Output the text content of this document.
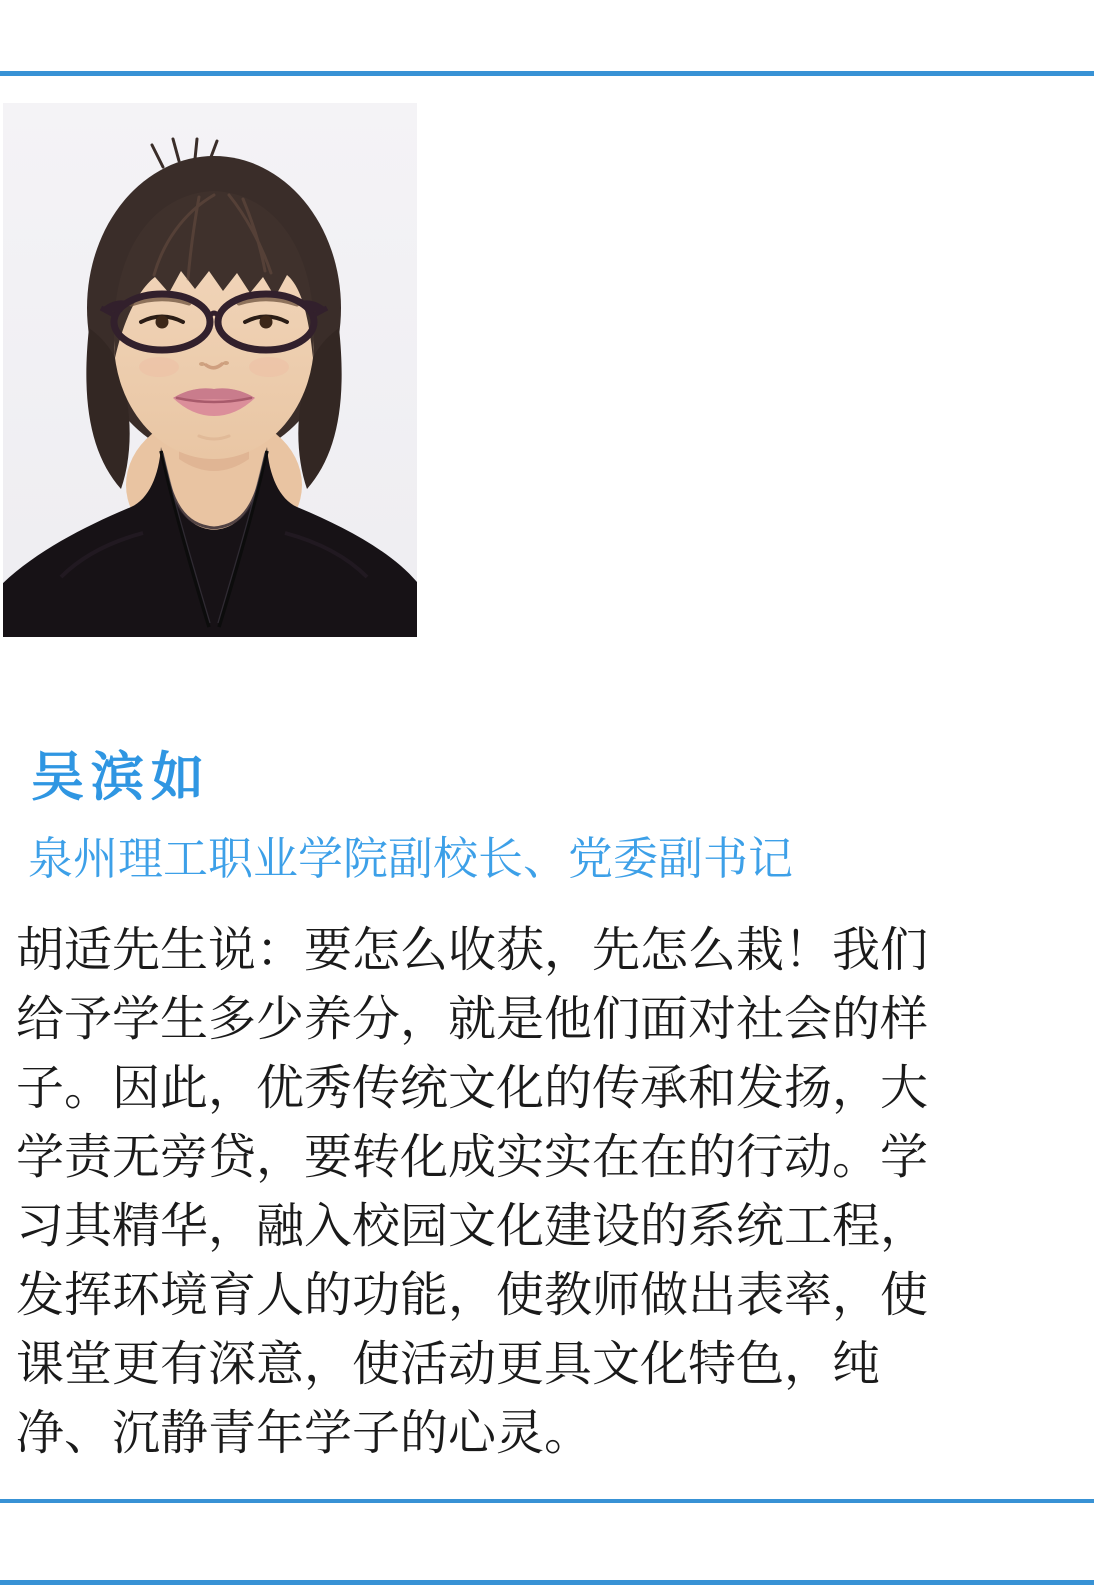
吴滨如
泉州理工职业学院副校长、党委副书记
胡适先生说：要怎么收获，先怎么栽！我们
给予学生多少养分，就是他们面对社会的样
子。因此，优秀传统文化的传承和发扬，大
学责无旁贷，要转化成实实在在的行动。学
习其精华，融入校园文化建设的系统工程，
发挥环境育人的功能，使教师做出表率，使
课堂更有深意，使活动更具文化特色，纯
净、沉静青年学子的心灵。
